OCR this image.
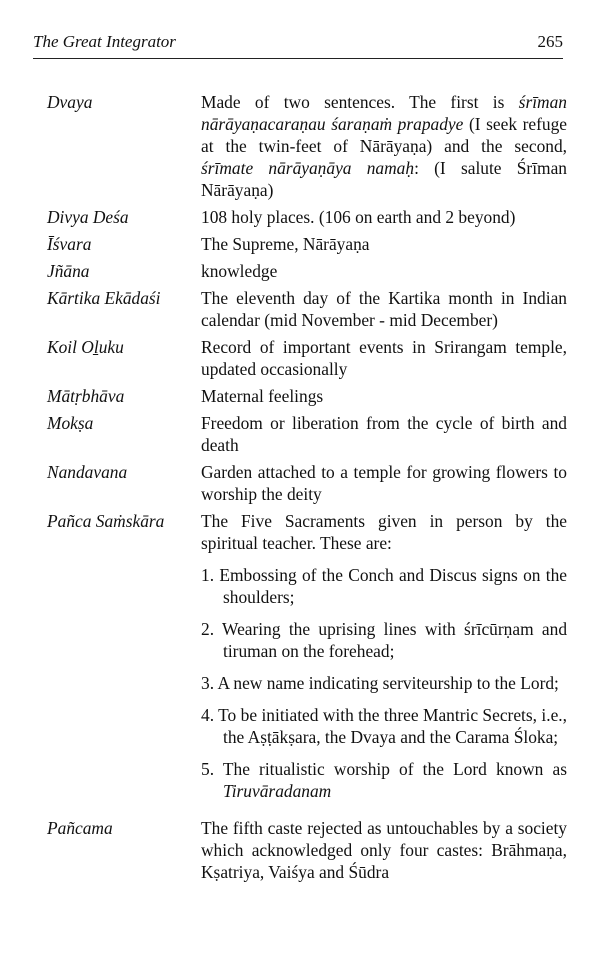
The Great Integrator	265
Dvaya	Made of two sentences. The first is śrīman nārāyaṇacaraṇau śaraṇaṁ prapadye (I seek refuge at the twin-feet of Nārāyaṇa) and the second, śrīmate nārāyaṇāya namaḥ: (I salute Śrīman Nārāyaṇa)
Divya Deśa	108 holy places. (106 on earth and 2 beyond)
Īśvara	The Supreme, Nārāyaṇa
Jñāna	knowledge
Kārtika Ekādaśi	The eleventh day of the Kartika month in Indian calendar (mid November - mid December)
Koil Oḻuku	Record of important events in Srirangam temple, updated occasionally
Mātṛbhāva	Maternal feelings
Mokṣa	Freedom or liberation from the cycle of birth and death
Nandavana	Garden attached to a temple for growing flowers to worship the deity
Pañca Saṁskāra	The Five Sacraments given in person by the spiritual teacher. These are:
1. Embossing of the Conch and Discus signs on the shoulders;
2. Wearing the uprising lines with śrīcūrṇam and tiruman on the forehead;
3. A new name indicating serviteurship to the Lord;
4. To be initiated with the three Mantric Secrets, i.e., the Aṣṭākṣara, the Dvaya and the Carama Śloka;
5. The ritualistic worship of the Lord known as Tiruvāradanam
Pañcama	The fifth caste rejected as untouchables by a society which acknowledged only four castes: Brāhmaṇa, Kṣatriya, Vaiśya and Śūdra
